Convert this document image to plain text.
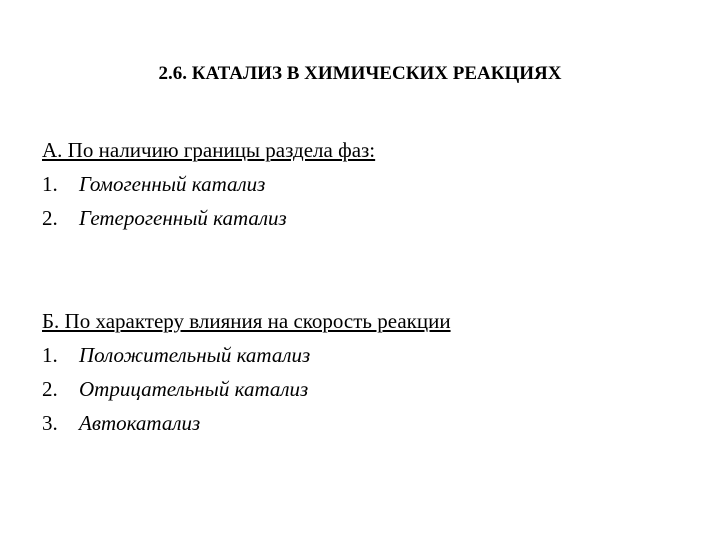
2.6. КАТАЛИЗ В ХИМИЧЕСКИХ РЕАКЦИЯХ
А. По наличию границы раздела фаз:
1. Гомогенный катализ
2. Гетерогенный катализ
Б. По характеру влияния на скорость реакции
1. Положительный катализ
2. Отрицательный катализ
3. Автокатализ
